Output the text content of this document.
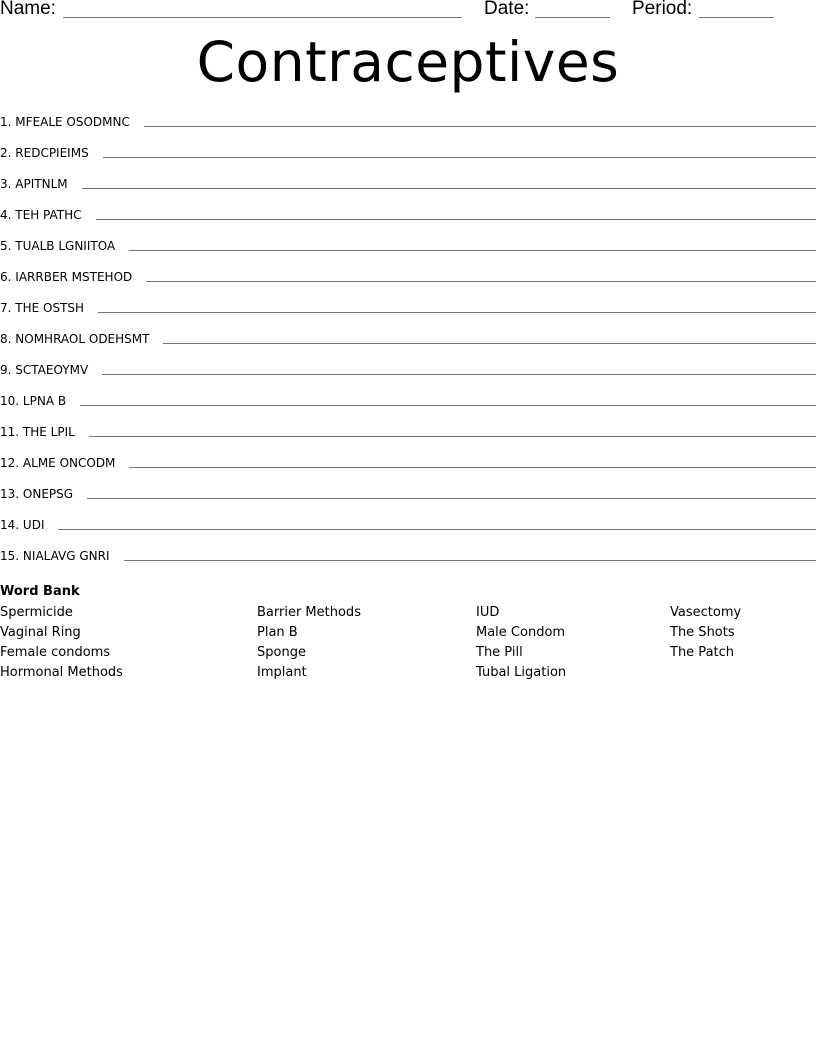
Name:	Date:	Period:
Contraceptives
1. MFEALE OSODMNC
2. REDCPIEIMS
3. APITNLM
4. TEH PATHC
5. TUALB LGNIITOA
6. IARRBER MSTEHOD
7. THE OSTSH
8. NOMHRAOL ODEHSMT
9. SCTAEOYMV
10. LPNA B
11. THE LPIL
12. ALME ONCODM
13. ONEPSG
14. UDI
15. NIALAVG GNRI
Word Bank
Spermicide
Vaginal Ring
Female condoms
Hormonal Methods
Barrier Methods
Plan B
Sponge
Implant
IUD
Male Condom
The Pill
Tubal Ligation
Vasectomy
The Shots
The Patch
